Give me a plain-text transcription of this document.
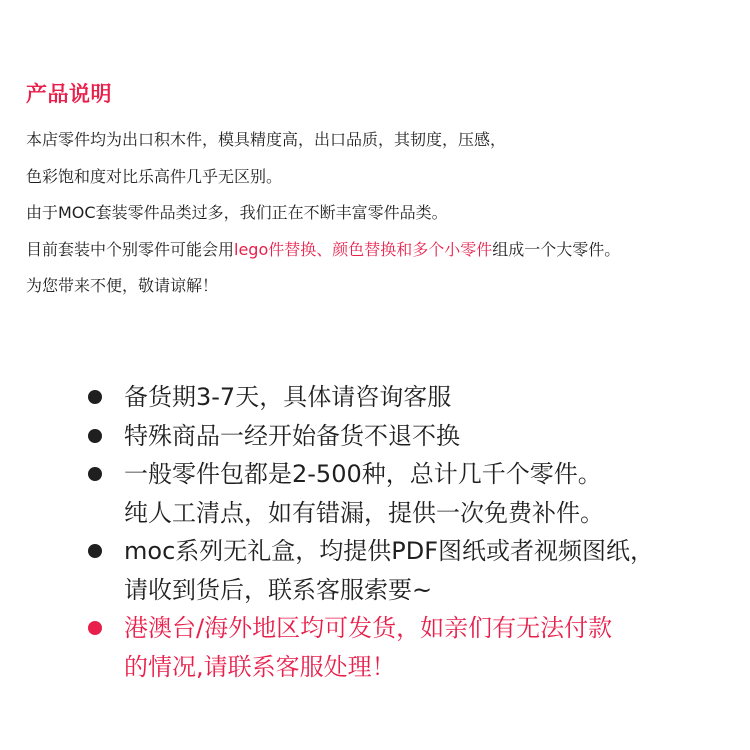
产品说明
本店零件均为出口积木件，模具精度高，出口品质，其韧度，压感，
色彩饱和度对比乐高件几乎无区别。
由于MOC套装零件品类过多，我们正在不断丰富零件品类。
目前套装中个别零件可能会用lego件替换、颜色替换和多个小零件组成一个大零件。
为您带来不便，敬请谅解！
备货期3-7天，具体请咨询客服
特殊商品一经开始备货不退不换
一般零件包都是2-500种，总计几千个零件。
纯人工清点，如有错漏，提供一次免费补件。
moc系列无礼盒，均提供PDF图纸或者视频图纸，
请收到货后，联系客服索要~
港澳台/海外地区均可发货，如亲们有无法付款
的情况,请联系客服处理！
